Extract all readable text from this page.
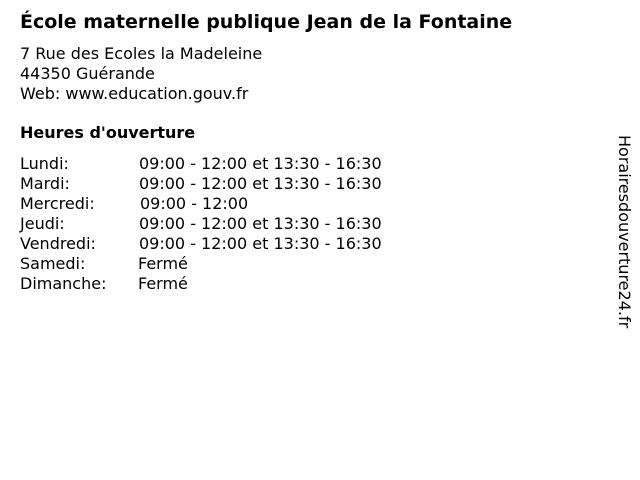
École maternelle publique Jean de la Fontaine
7 Rue des Ecoles la Madeleine
44350 Guérande
Web: www.education.gouv.fr
Heures d'ouverture
Lundi:	09:00 - 12:00 et 13:30 - 16:30
Mardi:	09:00 - 12:00 et 13:30 - 16:30
Mercredi:	09:00 - 12:00
Jeudi:	09:00 - 12:00 et 13:30 - 16:30
Vendredi:	09:00 - 12:00 et 13:30 - 16:30
Samedi:	Fermé
Dimanche: Fermé	Horairesdouverture24.fr
